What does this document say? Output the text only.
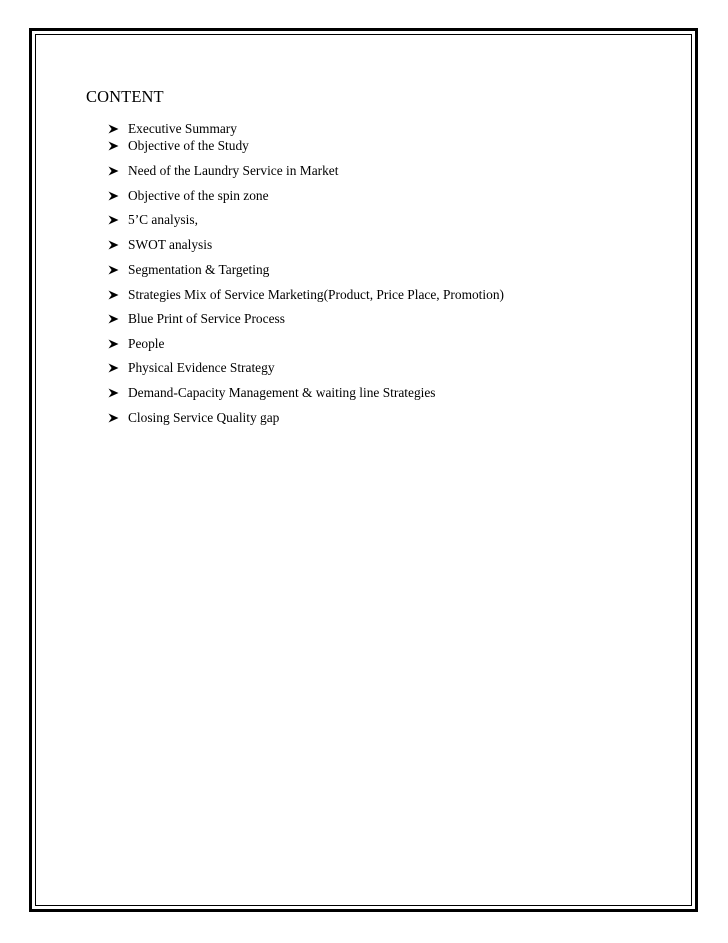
CONTENT
Executive Summary
Objective of the Study
Need of the Laundry Service in Market
Objective of the spin zone
5’C analysis,
SWOT analysis
Segmentation & Targeting
Strategies Mix of Service Marketing(Product, Price Place, Promotion)
Blue Print of Service Process
People
Physical Evidence Strategy
Demand-Capacity Management & waiting line Strategies
Closing Service Quality gap
